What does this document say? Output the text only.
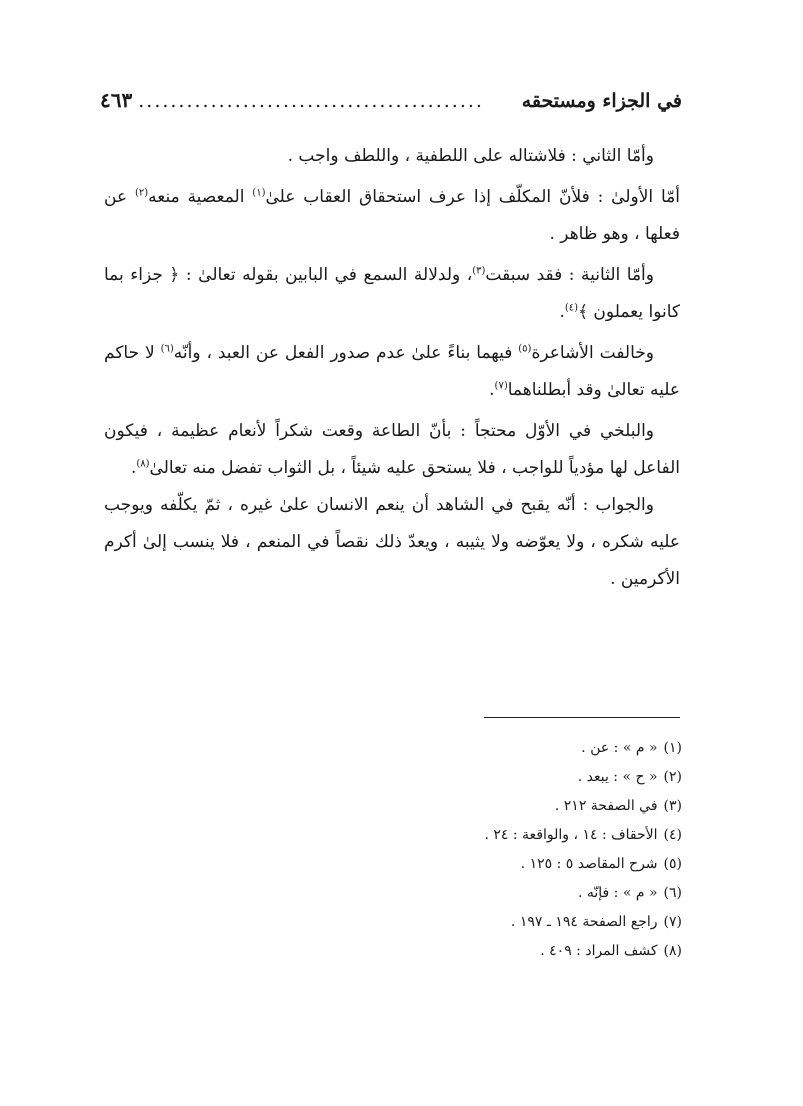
في الجزاء ومستحقه
...........................................
٤٦٣

وأمّا الثاني : فلاشتاله على اللطفية ، واللطف واجب .

أمّا الأولىٰ : فلأنّ المكلّف إذا عرف استحقاق العقاب علىٰ$^{(١)}$ المعصية منعه$^{(٢)}$ عن فعلها ، وهو ظاهر .

وأمّا الثانية : فقد سبقت$^{(٣)}$، ولدلالة السمع في البابين بقوله تعالىٰ : ﴿ جزاء بما كانوا يعملون ﴾$^{(٤)}$.

وخالفت الأشاعرة$^{(٥)}$ فيهما بناءً علىٰ عدم صدور الفعل عن العبد ، وأنّه$^{(٦)}$ لا حاكم عليه تعالىٰ وقد أبطلناهما$^{(٧)}$.

والبلخي في الأوّل محتجاً : بأنّ الطاعة وقعت شكراً لأنعام عظيمة ، فيكون الفاعل لها مؤدياً للواجب ، فلا يستحق عليه شيئاً ، بل الثواب تفضل منه تعالىٰ$^{(٨)}$.

والجواب : أنّه يقبح في الشاهد أن ينعم الانسان علىٰ غيره ، ثمّ يكلّفه ويوجب عليه شكره ، ولا يعوّضه ولا يثيبه ، ويعدّ ذلك نقصاً في المنعم ، فلا ينسب إلىٰ أكرم الأكرمين .

(١)« م » : عن .
(٢)« ح » : يبعد .
(٣)في الصفحة ٢١٢ .
(٤)الأحقاف : ١٤ ، والواقعة : ٢٤ .
(٥)شرح المقاصد ٥ : ١٢٥ .
(٦)« م » : فإنّه .
(٧)راجع الصفحة ١٩٤ ـ ١٩٧ .
(٨)كشف المراد : ٤٠٩ .
